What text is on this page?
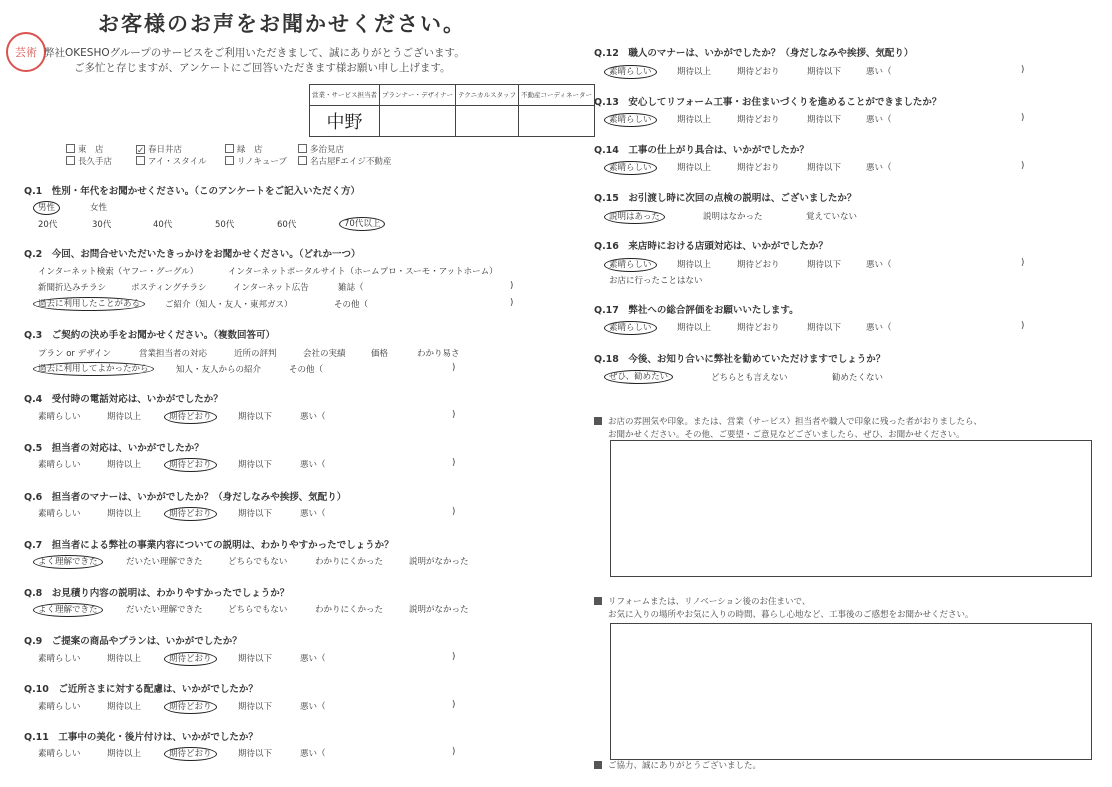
お客様のお声をお聞かせください。
芸術 弊社OKESHOグループのサービスをご利用いただきまして、誠にありがとうございます。
ご多忙と存じますが、アンケートにご回答いただきます様お願い申し上げます。
営業・サービス担当者	プランナー・デザイナー	テクニカルスタッフ	不動産コーディネーター
中野			
東　店	✓ 春日井店	緑　店	多治見店
長久手店	アイ・スタイル	リノキューブ	名古屋Fエイジ不動産
Q.1　性別・年代をお聞かせください。（このアンケートをご記入いただく方）
男性	女性
20代	30代	40代	50代	60代	70代以上
Q.2　今回、お問合せいただいたきっかけをお聞かせください。（どれか一つ）
インターネット検索（ヤフー・グーグル）	インターネットポータルサイト（ホームプロ・スーモ・アットホーム）
新聞折込みチラシ	ポスティングチラシ	インターネット広告	雑誌（	)
過去に利用したことがある	ご紹介（知人・友人・東邦ガス）	その他（	)
Q.3　ご契約の決め手をお聞かせください。（複数回答可）
プラン or デザイン	営業担当者の対応	近所の評判	会社の実績	価格	わかり易さ
過去に利用してよかったから	知人・友人からの紹介	その他（	)
Q.4　受付時の電話対応は、いかがでしたか？
素晴らしい	期待以上	期待どおり	期待以下	悪い（	)
Q.5　担当者の対応は、いかがでしたか？
素晴らしい	期待以上	期待どおり	期待以下	悪い（	)
Q.6　担当者のマナーは、いかがでしたか？（身だしなみや挨拶、気配り）
素晴らしい	期待以上	期待どおり	期待以下	悪い（	)
Q.7　担当者による弊社の事業内容についての説明は、わかりやすかったでしょうか？
よく理解できた	だいたい理解できた	どちらでもない	わかりにくかった	説明がなかった
Q.8　お見積り内容の説明は、わかりやすかったでしょうか？
よく理解できた	だいたい理解できた	どちらでもない	わかりにくかった	説明がなかった
Q.9　ご提案の商品やプランは、いかがでしたか？
素晴らしい	期待以上	期待どおり	期待以下	悪い（	)
Q.10　ご近所さまに対する配慮は、いかがでしたか？
素晴らしい	期待以上	期待どおり	期待以下	悪い（	)
Q.11　工事中の美化・後片付けは、いかがでしたか？
素晴らしい	期待以上	期待どおり	期待以下	悪い（	)
Q.12　職人のマナーは、いかがでしたか？（身だしなみや挨拶、気配り）
素晴らしい	期待以上	期待どおり	期待以下	悪い（	)
Q.13　安心してリフォーム工事・お住まいづくりを進めることができましたか？
素晴らしい	期待以上	期待どおり	期待以下	悪い（	)
Q.14　工事の仕上がり具合は、いかがでしたか？
素晴らしい	期待以上	期待どおり	期待以下	悪い（	)
Q.15　お引渡し時に次回の点検の説明は、ございましたか？
説明はあった	説明はなかった	覚えていない
Q.16　来店時における店頭対応は、いかがでしたか？
素晴らしい	期待以上	期待どおり	期待以下	悪い（	)
お店に行ったことはない
Q.17　弊社への総合評価をお願いいたします。
素晴らしい	期待以上	期待どおり	期待以下	悪い（	)
Q.18　今後、お知り合いに弊社を勧めていただけますでしょうか？
ぜひ、勧めたい	どちらとも言えない	勧めたくない
お店の雰囲気や印象。または、営業（サービス）担当者や職人で印象に残った者がおりましたら、
お聞かせください。その他、ご要望・ご意見などございましたら、ぜひ、お聞かせください。
リフォームまたは、リノベーション後のお住まいで、
お気に入りの場所やお気に入りの時間、暮らし心地など、工事後のご感想をお聞かせください。
ご協力、誠にありがとうございました。
